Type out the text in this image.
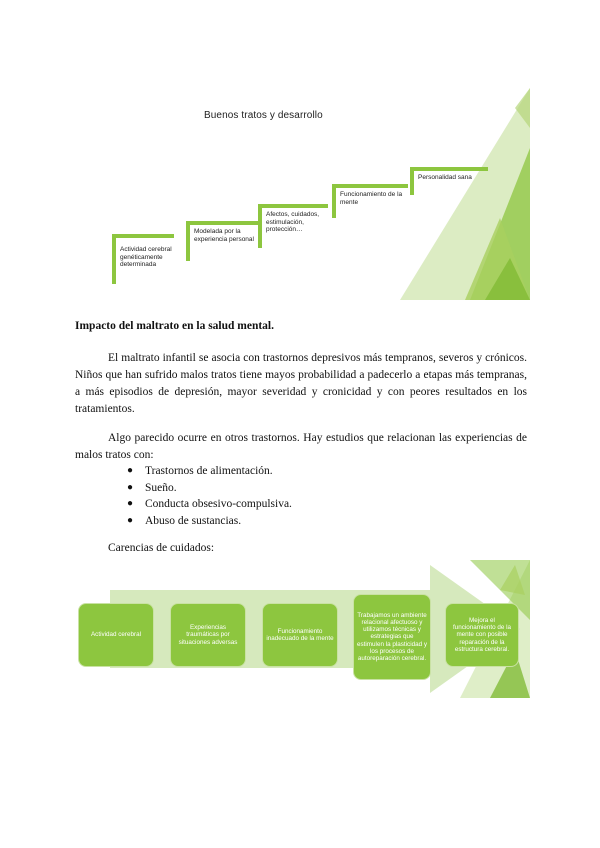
Buenos tratos y desarrollo
Actividad cerebral genéticamente determinada
Modelada por la experiencia personal
Afectos, cuidados, estimulación, protección…
Funcionamiento de la mente
Personalidad sana
Impacto del maltrato en la salud mental.
El maltrato infantil se asocia con trastornos depresivos más tempranos, severos y crónicos. Niños que han sufrido malos tratos tiene mayos probabilidad a padecerlo a etapas más tempranas, a más episodios de depresión, mayor severidad y cronicidad y con peores resultados en los tratamientos.
Algo parecido ocurre en otros trastornos. Hay estudios que relacionan las experiencias de malos tratos con:
● Trastornos de alimentación.
● Sueño.
● Conducta obsesivo-compulsiva.
● Abuso de sustancias.
Carencias de cuidados:
Actividad cerebral
Experiencias traumáticas por situaciones adversas
Funcionamiento inadecuado de la mente
Trabajamos un ambiente relacional afectuoso y utilizamos técnicas y estrategias que estimulen la plasticidad y los procesos de autoreparación cerebral.
Mejora el funcionamiento de la mente con posible reparación de la estructura cerebral.
